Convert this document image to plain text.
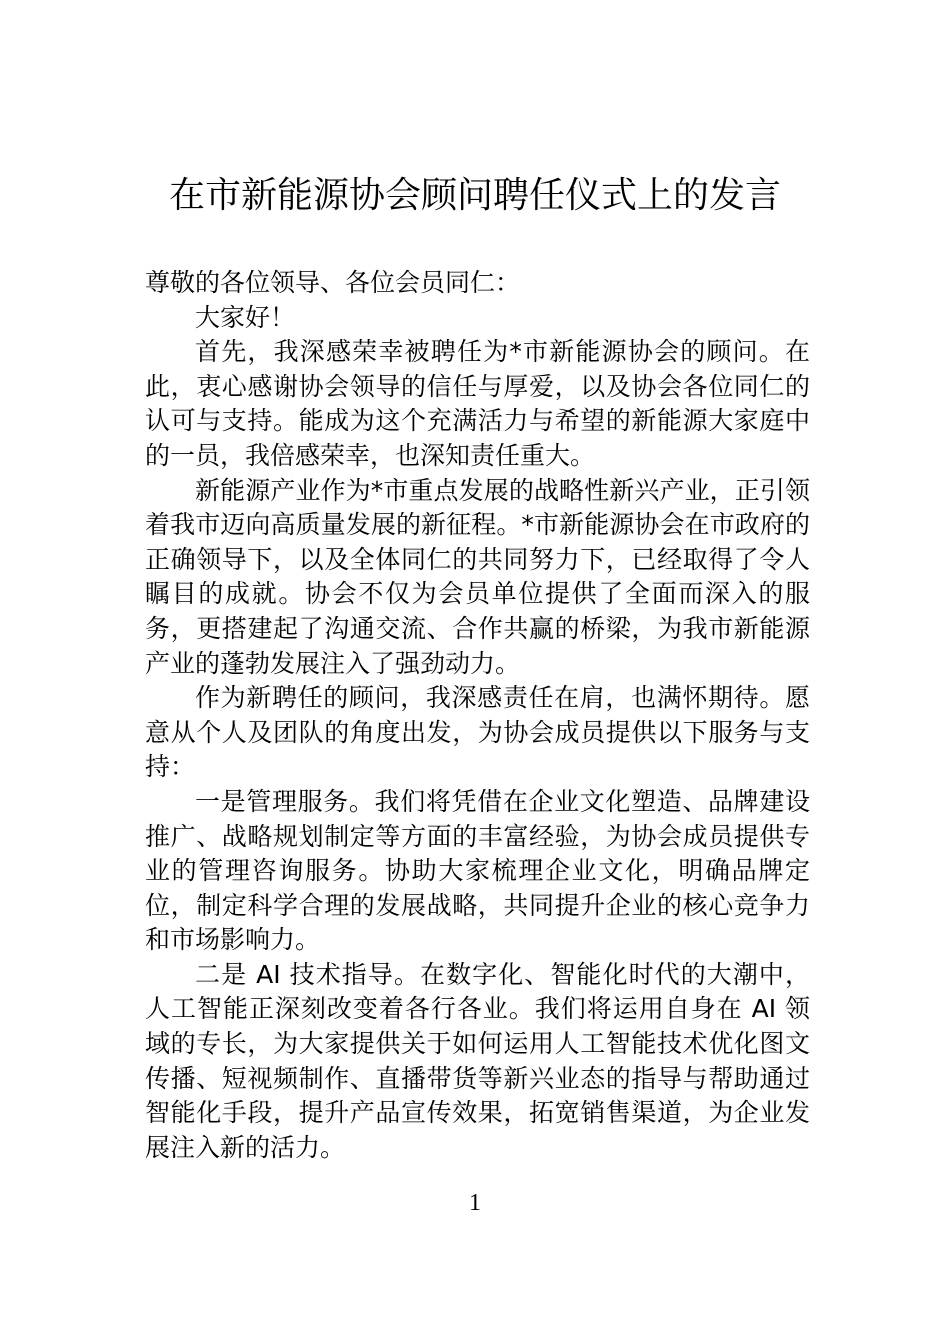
在市新能源协会顾问聘任仪式上的发言

尊敬的各位领导、各位会员同仁：

大家好！

首先，我深感荣幸被聘任为*市新能源协会的顾问。在此，衷心感谢协会领导的信任与厚爱，以及协会各位同仁的认可与支持。能成为这个充满活力与希望的新能源大家庭中的一员，我倍感荣幸，也深知责任重大。

新能源产业作为*市重点发展的战略性新兴产业，正引领着我市迈向高质量发展的新征程。*市新能源协会在市政府的正确领导下，以及全体同仁的共同努力下，已经取得了令人瞩目的成就。协会不仅为会员单位提供了全面而深入的服务，更搭建起了沟通交流、合作共赢的桥梁，为我市新能源产业的蓬勃发展注入了强劲动力。

作为新聘任的顾问，我深感责任在肩，也满怀期待。愿意从个人及团队的角度出发，为协会成员提供以下服务与支持：

一是管理服务。我们将凭借在企业文化塑造、品牌建设推广、战略规划制定等方面的丰富经验，为协会成员提供专业的管理咨询服务。协助大家梳理企业文化，明确品牌定位，制定科学合理的发展战略，共同提升企业的核心竞争力和市场影响力。

二是 AI 技术指导。在数字化、智能化时代的大潮中，人工智能正深刻改变着各行各业。我们将运用自身在 AI 领域的专长，为大家提供关于如何运用人工智能技术优化图文传播、短视频制作、直播带货等新兴业态的指导与帮助通过智能化手段，提升产品宣传效果，拓宽销售渠道，为企业发展注入新的活力。

1
